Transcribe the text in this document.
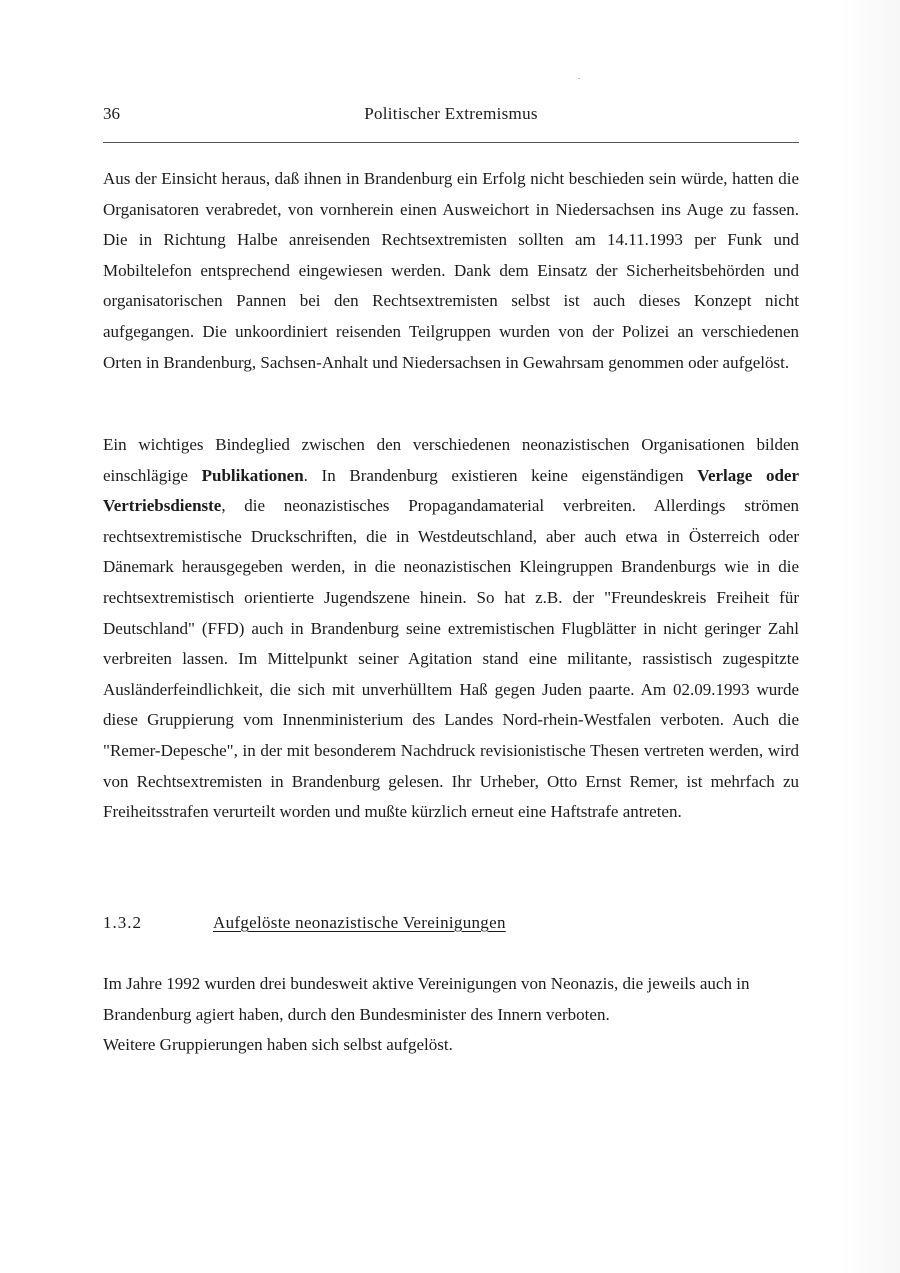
36	Politischer Extremismus

Aus der Einsicht heraus, daß ihnen in Brandenburg ein Erfolg nicht beschieden sein würde, hatten die Organisatoren verabredet, von vornherein einen Ausweichort in Niedersachsen ins Auge zu fassen. Die in Richtung Halbe anreisenden Rechtsextremisten sollten am 14.11.1993 per Funk und Mobiltelefon entsprechend eingewiesen werden. Dank dem Einsatz der Sicherheitsbehörden und organisatorischen Pannen bei den Rechtsextremisten selbst ist auch dieses Konzept nicht aufgegangen. Die unkoordiniert reisenden Teilgruppen wurden von der Polizei an verschiedenen Orten in Brandenburg, Sachsen-Anhalt und Niedersachsen in Gewahrsam genommen oder aufgelöst.

Ein wichtiges Bindeglied zwischen den verschiedenen neonazistischen Organisationen bilden einschlägige Publikationen. In Brandenburg existieren keine eigenständigen Verlage oder Vertriebsdienste, die neonazistisches Propagandamaterial verbreiten. Allerdings strömen rechtsextremistische Druckschriften, die in Westdeutschland, aber auch etwa in Österreich oder Dänemark herausgegeben werden, in die neonazistischen Kleingruppen Brandenburgs wie in die rechtsextremistisch orientierte Jugendszene hinein. So hat z.B. der "Freundeskreis Freiheit für Deutschland" (FFD) auch in Brandenburg seine extremistischen Flugblätter in nicht geringer Zahl verbreiten lassen. Im Mittelpunkt seiner Agitation stand eine militante, rassistisch zugespitzte Ausländerfeindlichkeit, die sich mit unverhülltem Haß gegen Juden paarte. Am 02.09.1993 wurde diese Gruppierung vom Innenministerium des Landes Nord-rhein-Westfalen verboten. Auch die "Remer-Depesche", in der mit besonderem Nachdruck revisionistische Thesen vertreten werden, wird von Rechtsextremisten in Brandenburg gelesen. Ihr Urheber, Otto Ernst Remer, ist mehrfach zu Freiheitsstrafen verurteilt worden und mußte kürzlich erneut eine Haftstrafe antreten.

1.3.2	Aufgelöste neonazistische Vereinigungen

Im Jahre 1992 wurden drei bundesweit aktive Vereinigungen von Neonazis, die jeweils auch in Brandenburg agiert haben, durch den Bundesminister des Innern verboten.
Weitere Gruppierungen haben sich selbst aufgelöst.
